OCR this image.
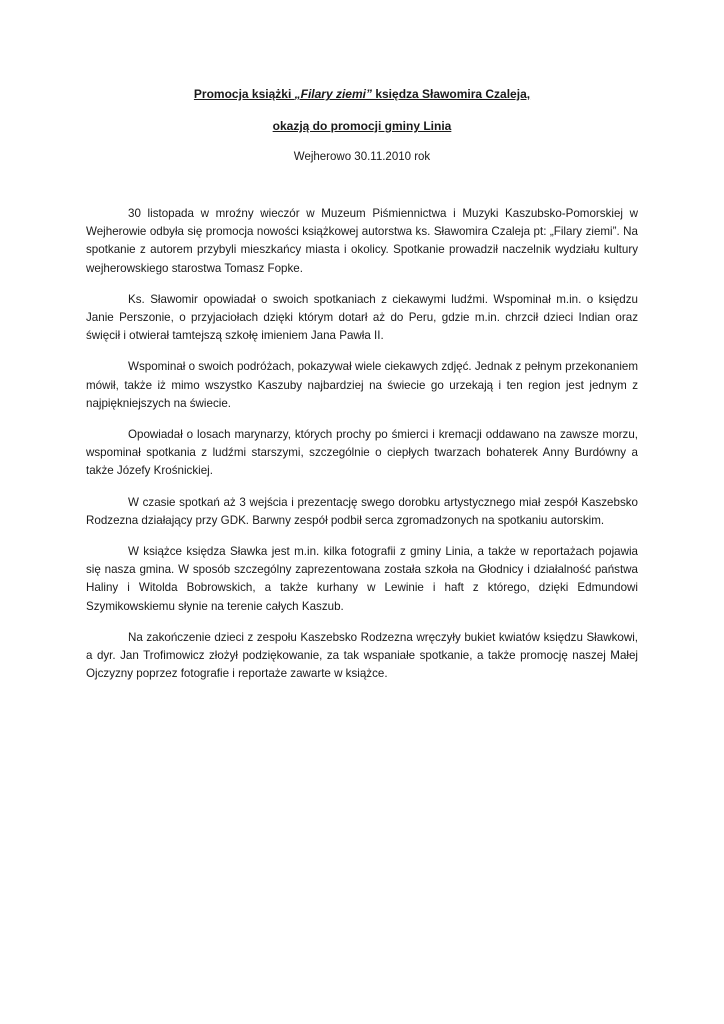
Promocja książki „Filary ziemi” księdza Sławomira Czaleja,

okazją do promocji gminy Linia

Wejherowo 30.11.2010 rok

30 listopada w mroźny wieczór w Muzeum Piśmiennictwa i Muzyki Kaszubsko-Pomorskiej w Wejherowie odbyła się promocja nowości książkowej autorstwa ks. Sławomira Czaleja pt: „Filary ziemi”. Na spotkanie z autorem przybyli mieszkańcy miasta i okolicy. Spotkanie prowadził naczelnik wydziału kultury wejherowskiego starostwa Tomasz Fopke.

Ks. Sławomir opowiadał o swoich spotkaniach z ciekawymi ludźmi. Wspominał m.in. o księdzu Janie Perszonie, o przyjaciołach dzięki którym dotarł aż do Peru, gdzie m.in. chrzcił dzieci Indian oraz święcił i otwierał tamtejszą szkołę imieniem Jana Pawła II.

Wspominał o swoich podróżach, pokazywał wiele ciekawych zdjęć. Jednak z pełnym przekonaniem mówił, także iż mimo wszystko Kaszuby najbardziej na świecie go urzekają i ten region jest jednym z najpiękniejszych na świecie.

Opowiadał o losach marynarzy, których prochy po śmierci i kremacji oddawano na zawsze morzu, wspominał spotkania z ludźmi starszymi, szczególnie o ciepłych twarzach bohaterek Anny Burdówny a także Józefy Krośnickiej.

W czasie spotkań aż 3 wejścia i prezentację swego dorobku artystycznego miał zespół Kaszebsko Rodzezna działający przy GDK. Barwny zespół podbił serca zgromadzonych na spotkaniu autorskim.

W książce księdza Sławka jest m.in. kilka fotografii z gminy Linia, a także w reportażach pojawia się nasza gmina. W sposób szczególny zaprezentowana została szkoła na Głodnicy i działalność państwa Haliny i Witolda Bobrowskich, a także kurhany w Lewinie i haft z którego, dzięki Edmundowi Szymikowskiemu słynie na terenie całych Kaszub.

Na zakończenie dzieci z zespołu Kaszebsko Rodzezna wręczyły bukiet kwiatów księdzu Sławkowi, a dyr. Jan Trofimowicz złożył podziękowanie, za tak wspaniałe spotkanie, a także promocję naszej Małej Ojczyzny poprzez fotografie i reportaże zawarte w książce.
